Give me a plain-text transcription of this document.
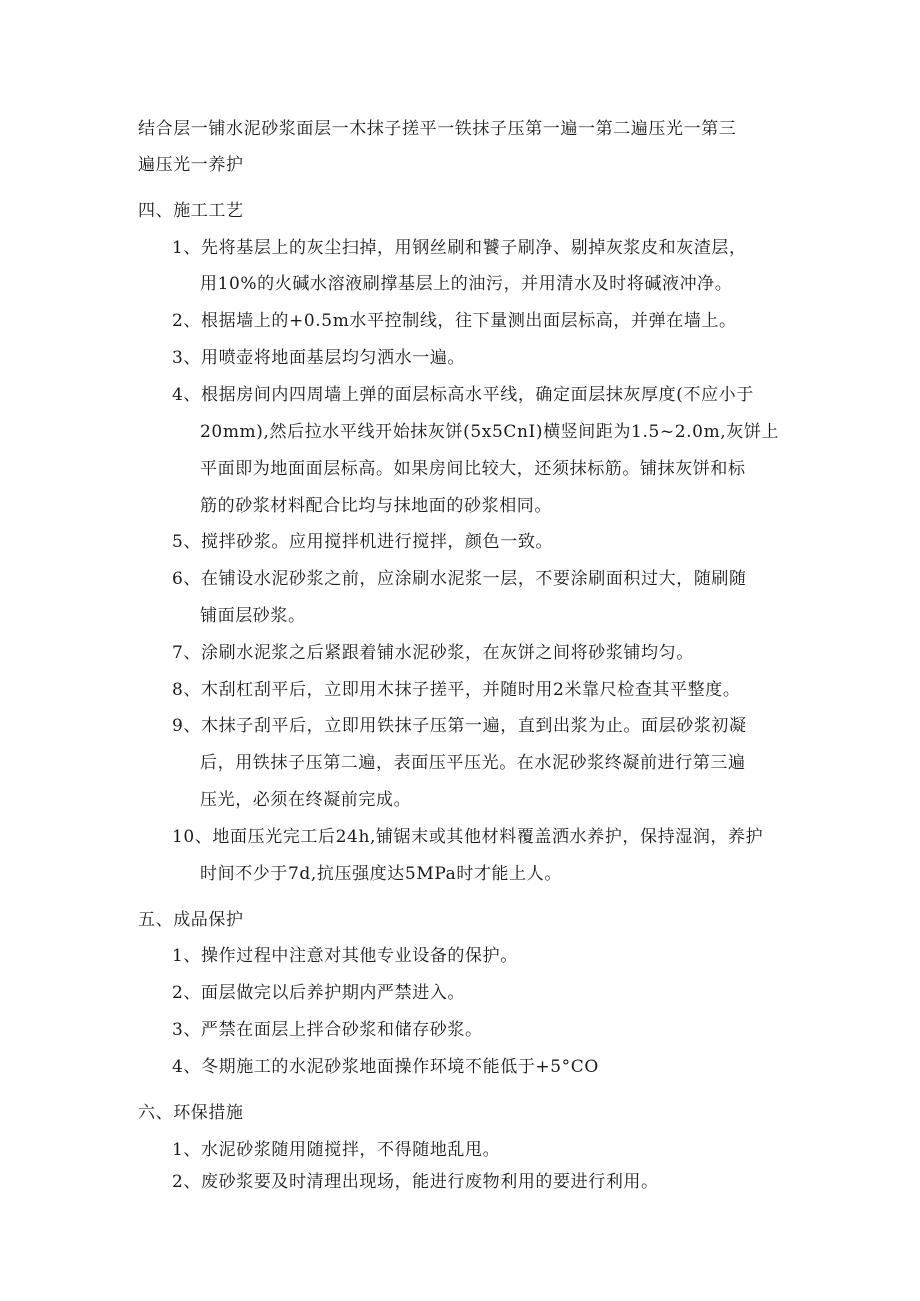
结合层一铺水泥砂浆面层一木抹子搓平一铁抹子压第一遍一第二遍压光一第三
遍压光一养护
四、施工工艺
1、先将基层上的灰尘扫掉，用钢丝刷和饕子刷净、剔掉灰浆皮和灰渣层，
用10%的火碱水溶液刷撑基层上的油污，并用清水及时将碱液冲净。
2、根据墙上的+0.5m水平控制线，往下量测出面层标高，并弹在墙上。
3、用喷壶将地面基层均匀洒水一遍。
4、根据房间内四周墙上弹的面层标高水平线，确定面层抹灰厚度(不应小于
20mm),然后拉水平线开始抹灰饼(5x5CnI)横竖间距为1.5~2.0m,灰饼上
平面即为地面面层标高。如果房间比较大，还须抹标筋。铺抹灰饼和标
筋的砂浆材料配合比均与抹地面的砂浆相同。
5、搅拌砂浆。应用搅拌机进行搅拌，颜色一致。
6、在铺设水泥砂浆之前，应涂刷水泥浆一层，不要涂刷面积过大，随刷随
铺面层砂浆。
7、涂刷水泥浆之后紧跟着铺水泥砂浆，在灰饼之间将砂浆铺均匀。
8、木刮杠刮平后，立即用木抹子搓平，并随时用2米靠尺检查其平整度。
9、木抹子刮平后，立即用铁抹子压第一遍，直到出浆为止。面层砂浆初凝
后，用铁抹子压第二遍，表面压平压光。在水泥砂浆终凝前进行第三遍
压光，必须在终凝前完成。
10、地面压光完工后24h,铺锯末或其他材料覆盖洒水养护，保持湿润，养护
时间不少于7d,抗压强度达5MPa时才能上人。
五、成品保护
1、操作过程中注意对其他专业设备的保护。
2、面层做完以后养护期内严禁进入。
3、严禁在面层上拌合砂浆和储存砂浆。
4、冬期施工的水泥砂浆地面操作环境不能低于+5°CO
六、环保措施
1、水泥砂浆随用随搅拌，不得随地乱甩。
2、废砂浆要及时清理出现场，能进行废物利用的要进行利用。
